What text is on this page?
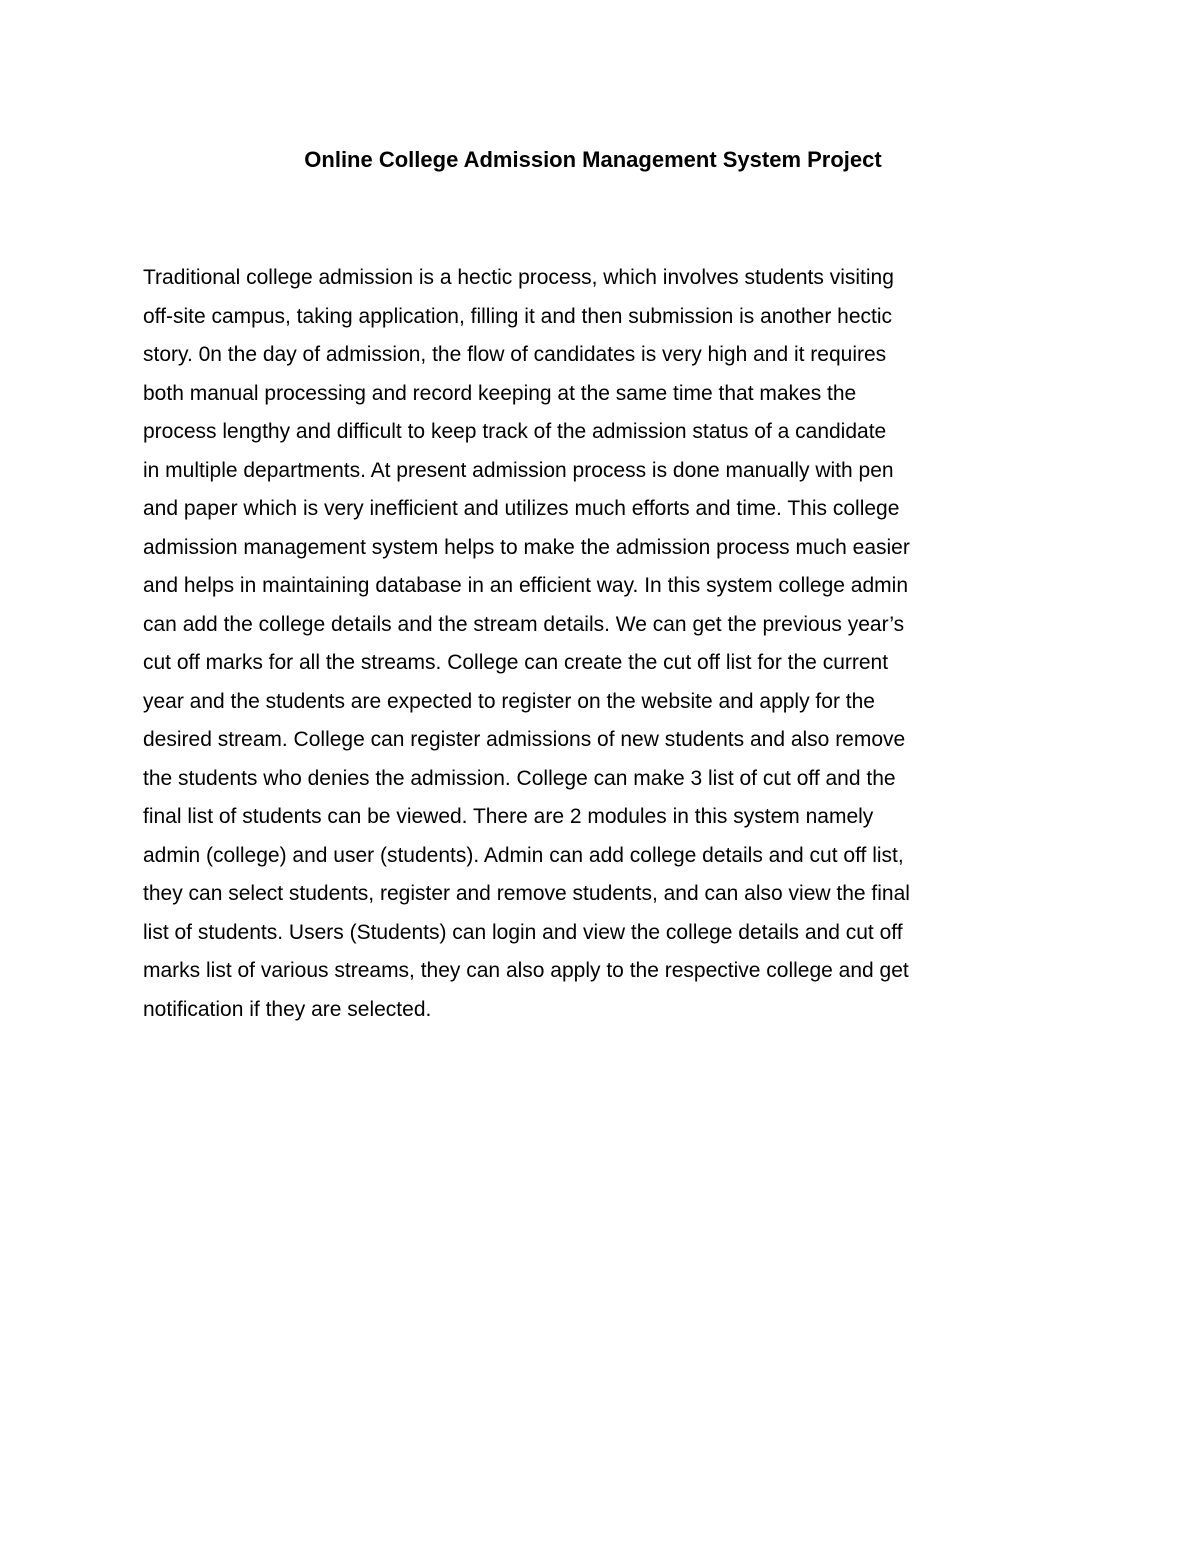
Online College Admission Management System Project
Traditional college admission is a hectic process, which involves students visiting
off-site campus, taking application, filling it and then submission is another hectic
story. 0n the day of admission, the flow of candidates is very high and it requires
both manual processing and record keeping at the same time that makes the
process lengthy and difficult to keep track of the admission status of a candidate
in multiple departments. At present admission process is done manually with pen
and paper which is very inefficient and utilizes much efforts and time. This college
admission management system helps to make the admission process much easier
and helps in maintaining database in an efficient way. In this system college admin
can add the college details and the stream details. We can get the previous year’s
cut off marks for all the streams. College can create the cut off list for the current
year and the students are expected to register on the website and apply for the
desired stream. College can register admissions of new students and also remove
the students who denies the admission. College can make 3 list of cut off and the
final list of students can be viewed. There are 2 modules in this system namely
admin (college) and user (students). Admin can add college details and cut off list,
they can select students, register and remove students, and can also view the final
list of students. Users (Students) can login and view the college details and cut off
marks list of various streams, they can also apply to the respective college and get
notification if they are selected.
